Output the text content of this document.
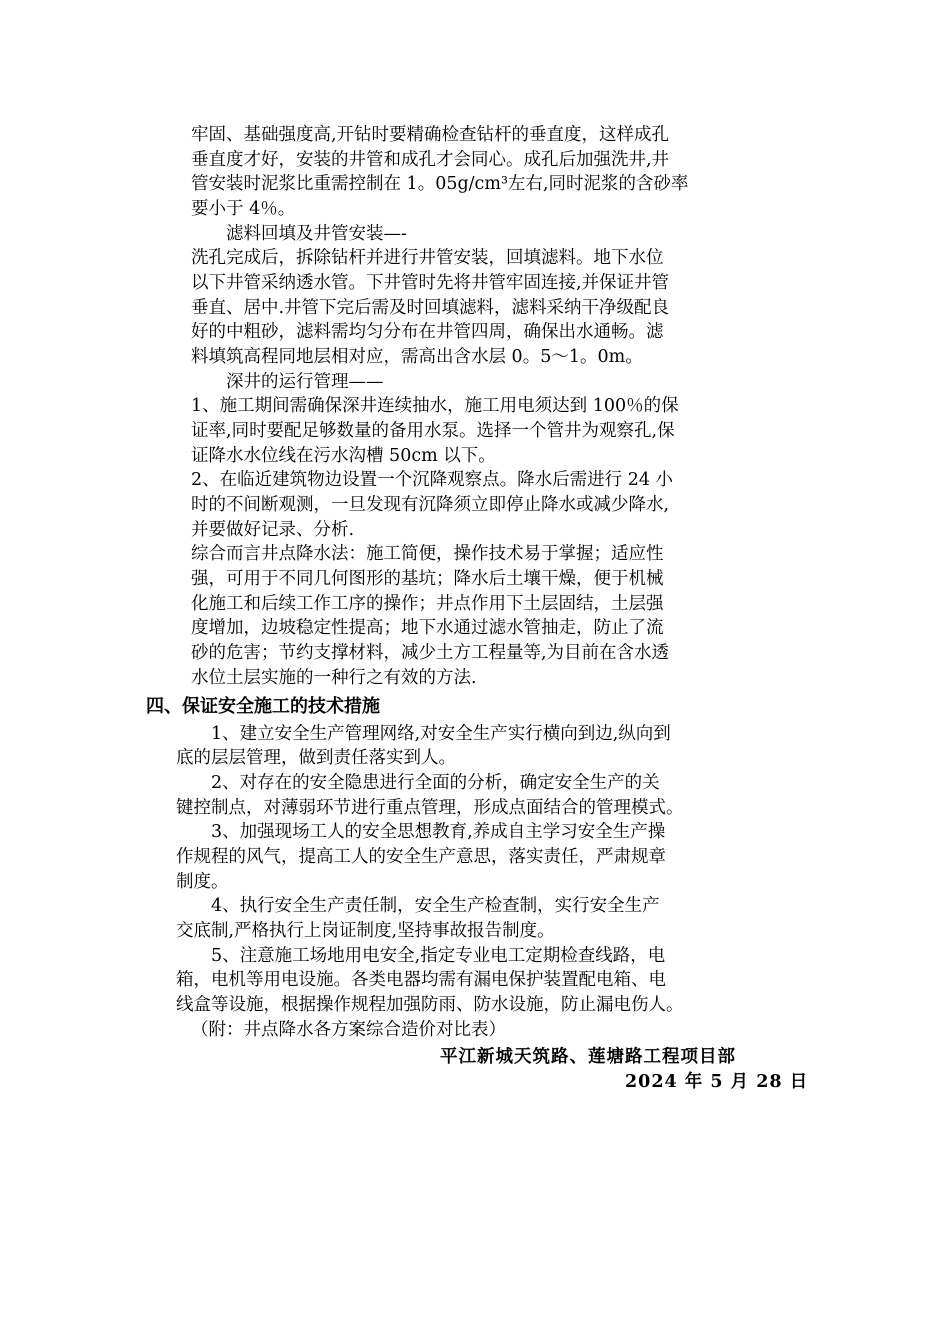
牢固、基础强度高,开钻时要精确检查钻杆的垂直度，这样成孔
垂直度才好，安装的井管和成孔才会同心。成孔后加强洗井,井
管安装时泥浆比重需控制在 1。05g/cm³左右,同时泥浆的含砂率
要小于 4％。
　　滤料回填及井管安装—-
洗孔完成后，拆除钻杆并进行井管安装，回填滤料。地下水位
以下井管采纳透水管。下井管时先将井管牢固连接,并保证井管
垂直、居中.井管下完后需及时回填滤料，滤料采纳干净级配良
好的中粗砂，滤料需均匀分布在井管四周，确保出水通畅。滤
料填筑高程同地层相对应，需高出含水层 0。5～1。0m。
　　深井的运行管理——
1、施工期间需确保深井连续抽水，施工用电须达到 100％的保
证率,同时要配足够数量的备用水泵。选择一个管井为观察孔,保
证降水水位线在污水沟槽 50cm 以下。
2、在临近建筑物边设置一个沉降观察点。降水后需进行 24 小
时的不间断观测，一旦发现有沉降须立即停止降水或减少降水,
并要做好记录、分析.
综合而言井点降水法：施工简便，操作技术易于掌握；适应性
强，可用于不同几何图形的基坑；降水后土壤干燥，便于机械
化施工和后续工作工序的操作；井点作用下土层固结，土层强
度增加，边坡稳定性提高；地下水通过滤水管抽走，防止了流
砂的危害；节约支撑材料，减少土方工程量等,为目前在含水透
水位土层实施的一种行之有效的方法.
四、保证安全施工的技术措施
　　1、建立安全生产管理网络,对安全生产实行横向到边,纵向到
底的层层管理，做到责任落实到人。
　　2、对存在的安全隐患进行全面的分析，确定安全生产的关
键控制点，对薄弱环节进行重点管理，形成点面结合的管理模式。
　　3、加强现场工人的安全思想教育,养成自主学习安全生产操
作规程的风气，提高工人的安全生产意思，落实责任，严肃规章
制度。
　　4、执行安全生产责任制，安全生产检查制，实行安全生产
交底制,严格执行上岗证制度,坚持事故报告制度。
　　5、注意施工场地用电安全,指定专业电工定期检查线路，电
箱，电机等用电设施。各类电器均需有漏电保护装置配电箱、电
线盒等设施，根据操作规程加强防雨、防水设施，防止漏电伤人。
（附：井点降水各方案综合造价对比表）
平江新城天筑路、莲塘路工程项目部
2024 年 5 月 28 日
